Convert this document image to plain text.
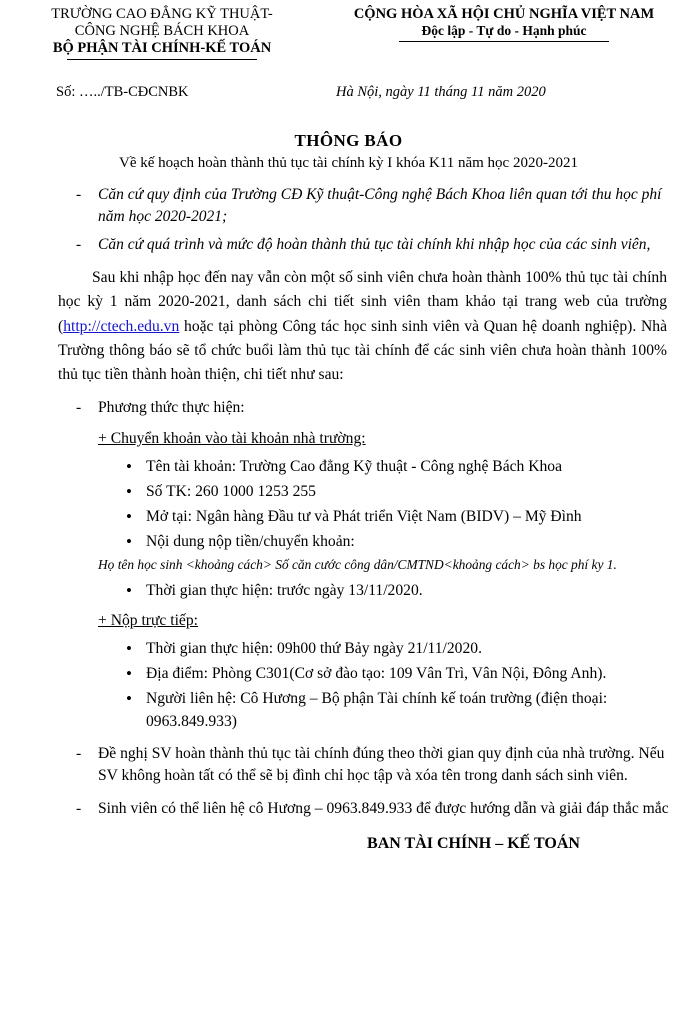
TRƯỜNG CAO ĐẲNG KỸ THUẬT-
CÔNG NGHỆ BÁCH KHOA
BỘ PHẬN TÀI CHÍNH-KẾ TOÁN
CỘNG HÒA XÃ HỘI CHỦ NGHĨA VIỆT NAM
Độc lập - Tự do - Hạnh phúc
Số: …../TB-CĐCNBK	Hà Nội, ngày 11 tháng 11 năm 2020
THÔNG BÁO
Về kế hoạch hoàn thành thủ tục tài chính kỳ I khóa K11 năm học 2020-2021
-	Căn cứ quy định của Trường CĐ Kỹ thuật-Công nghệ Bách Khoa liên quan tới thu học phí năm học 2020-2021;
-	Căn cứ quá trình và mức độ hoàn thành thủ tục tài chính khi nhập học của các sinh viên,
Sau khi nhập học đến nay vẫn còn một số sinh viên chưa hoàn thành 100% thủ tục tài chính học kỳ 1 năm 2020-2021, danh sách chi tiết sinh viên tham khảo tại trang web của trường (http://ctech.edu.vn hoặc tại phòng Công tác học sinh sinh viên và Quan hệ doanh nghiệp). Nhà Trường thông báo sẽ tổ chức buổi làm thủ tục tài chính để các sinh viên chưa hoàn thành 100% thủ tục tiền thành hoàn thiện, chi tiết như sau:
-	Phương thức thực hiện:
+ Chuyển khoản vào tài khoản nhà trường:
• Tên tài khoản: Trường Cao đẳng Kỹ thuật - Công nghệ Bách Khoa
• Số TK: 260 1000 1253 255
• Mở tại: Ngân hàng Đầu tư và Phát triển Việt Nam (BIDV) – Mỹ Đình
• Nội dung nộp tiền/chuyển khoản:
Họ tên học sinh <khoảng cách> Số căn cước công dân/CMTND<khoảng cách> bs học phí ky 1.
• Thời gian thực hiện: trước ngày 13/11/2020.
+ Nộp trực tiếp:
• Thời gian thực hiện: 09h00 thứ Bảy ngày 21/11/2020.
• Địa điểm: Phòng C301(Cơ sở đào tạo: 109 Vân Trì, Vân Nội, Đông Anh).
• Người liên hệ: Cô Hương – Bộ phận Tài chính kế toán trường (điện thoại: 0963.849.933)
-	Đề nghị SV hoàn thành thủ tục tài chính đúng theo thời gian quy định của nhà trường. Nếu SV không hoàn tất có thể sẽ bị đình chỉ học tập và xóa tên trong danh sách sinh viên.
-	Sinh viên có thể liên hệ cô Hương – 0963.849.933 để được hướng dẫn và giải đáp thắc mắc
BAN TÀI CHÍNH – KẾ TOÁN
